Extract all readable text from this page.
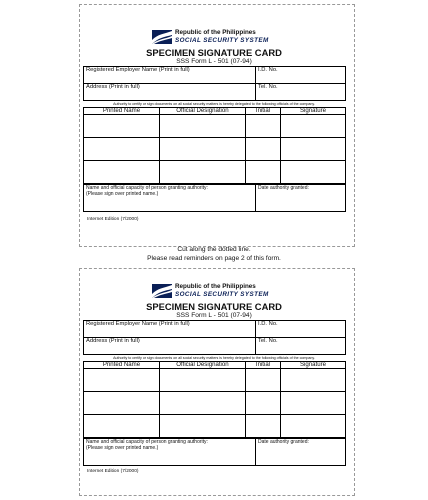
Republic of the Philippines
SOCIAL SECURITY SYSTEM
SPECIMEN SIGNATURE CARD
SSS Form L - 501 (07-94)
Registered Employer Name (Print in full)	I.D. No.
Address (Print in full)	Tel. No.
Authority to certify or sign documents on all social security matters is hereby delegated to the following officials of the company.
Printed Name	Official Designation	Initial	Signature

Name and official capacity of person granting authority:
(Please sign over printed name.)
	Date authority granted:
Internet Edition (7/2000)
Cut along the dotted line.
Please read reminders on page 2 of this form.
Republic of the Philippines
SOCIAL SECURITY SYSTEM
SPECIMEN SIGNATURE CARD
SSS Form L - 501 (07-94)
Registered Employer Name (Print in full)	I.D. No.
Address (Print in full)	Tel. No.
Authority to certify or sign documents on all social security matters is hereby delegated to the following officials of the company.
Printed Name	Official Designation	Initial	Signature

Name and official capacity of person granting authority:
(Please sign over printed name.)
	Date authority granted:
Internet Edition (7/2000)
